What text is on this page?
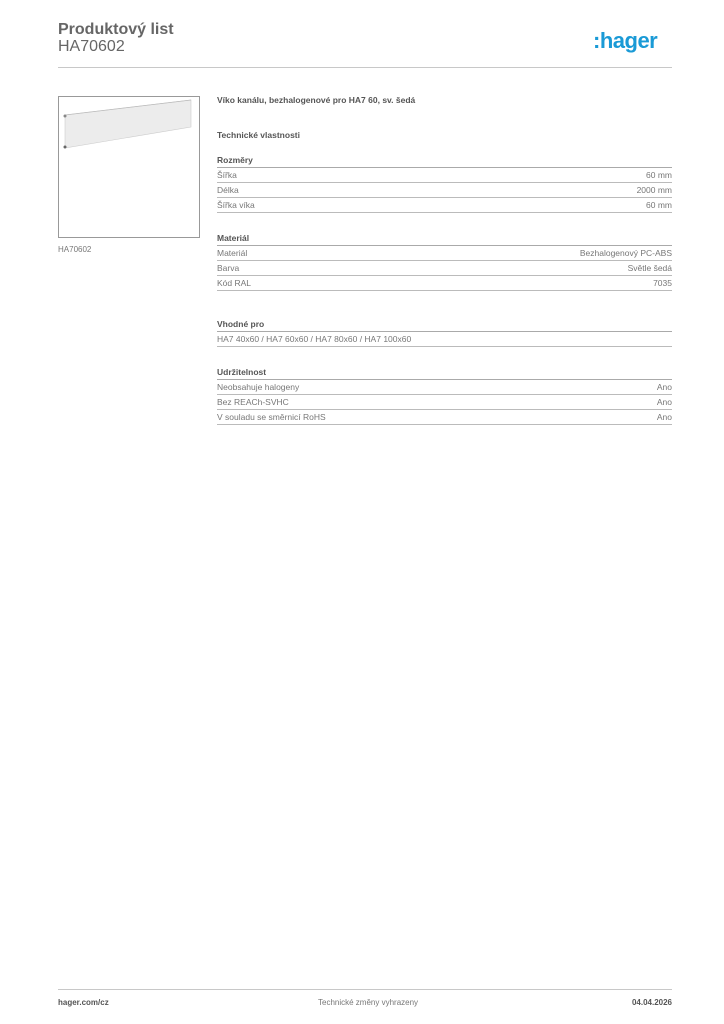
Produktový list
HA70602	:hager
HA70602
Víko kanálu, bezhalogenové pro HA7 60, sv. šedá
Technické vlastnosti
Rozměry
Šířka	60 mm
Délka	2000 mm
Šířka víka	60 mm
Materiál
Materiál	Bezhalogenový PC-ABS
Barva	Světle šedá
Kód RAL	7035
Vhodné pro
HA7 40x60 / HA7 60x60 / HA7 80x60 / HA7 100x60
Udržitelnost
Neobsahuje halogeny	Ano
Bez REACh-SVHC	Ano
V souladu se směrnicí RoHS	Ano
hager.com/cz	Technické změny vyhrazeny	04.04.2026
